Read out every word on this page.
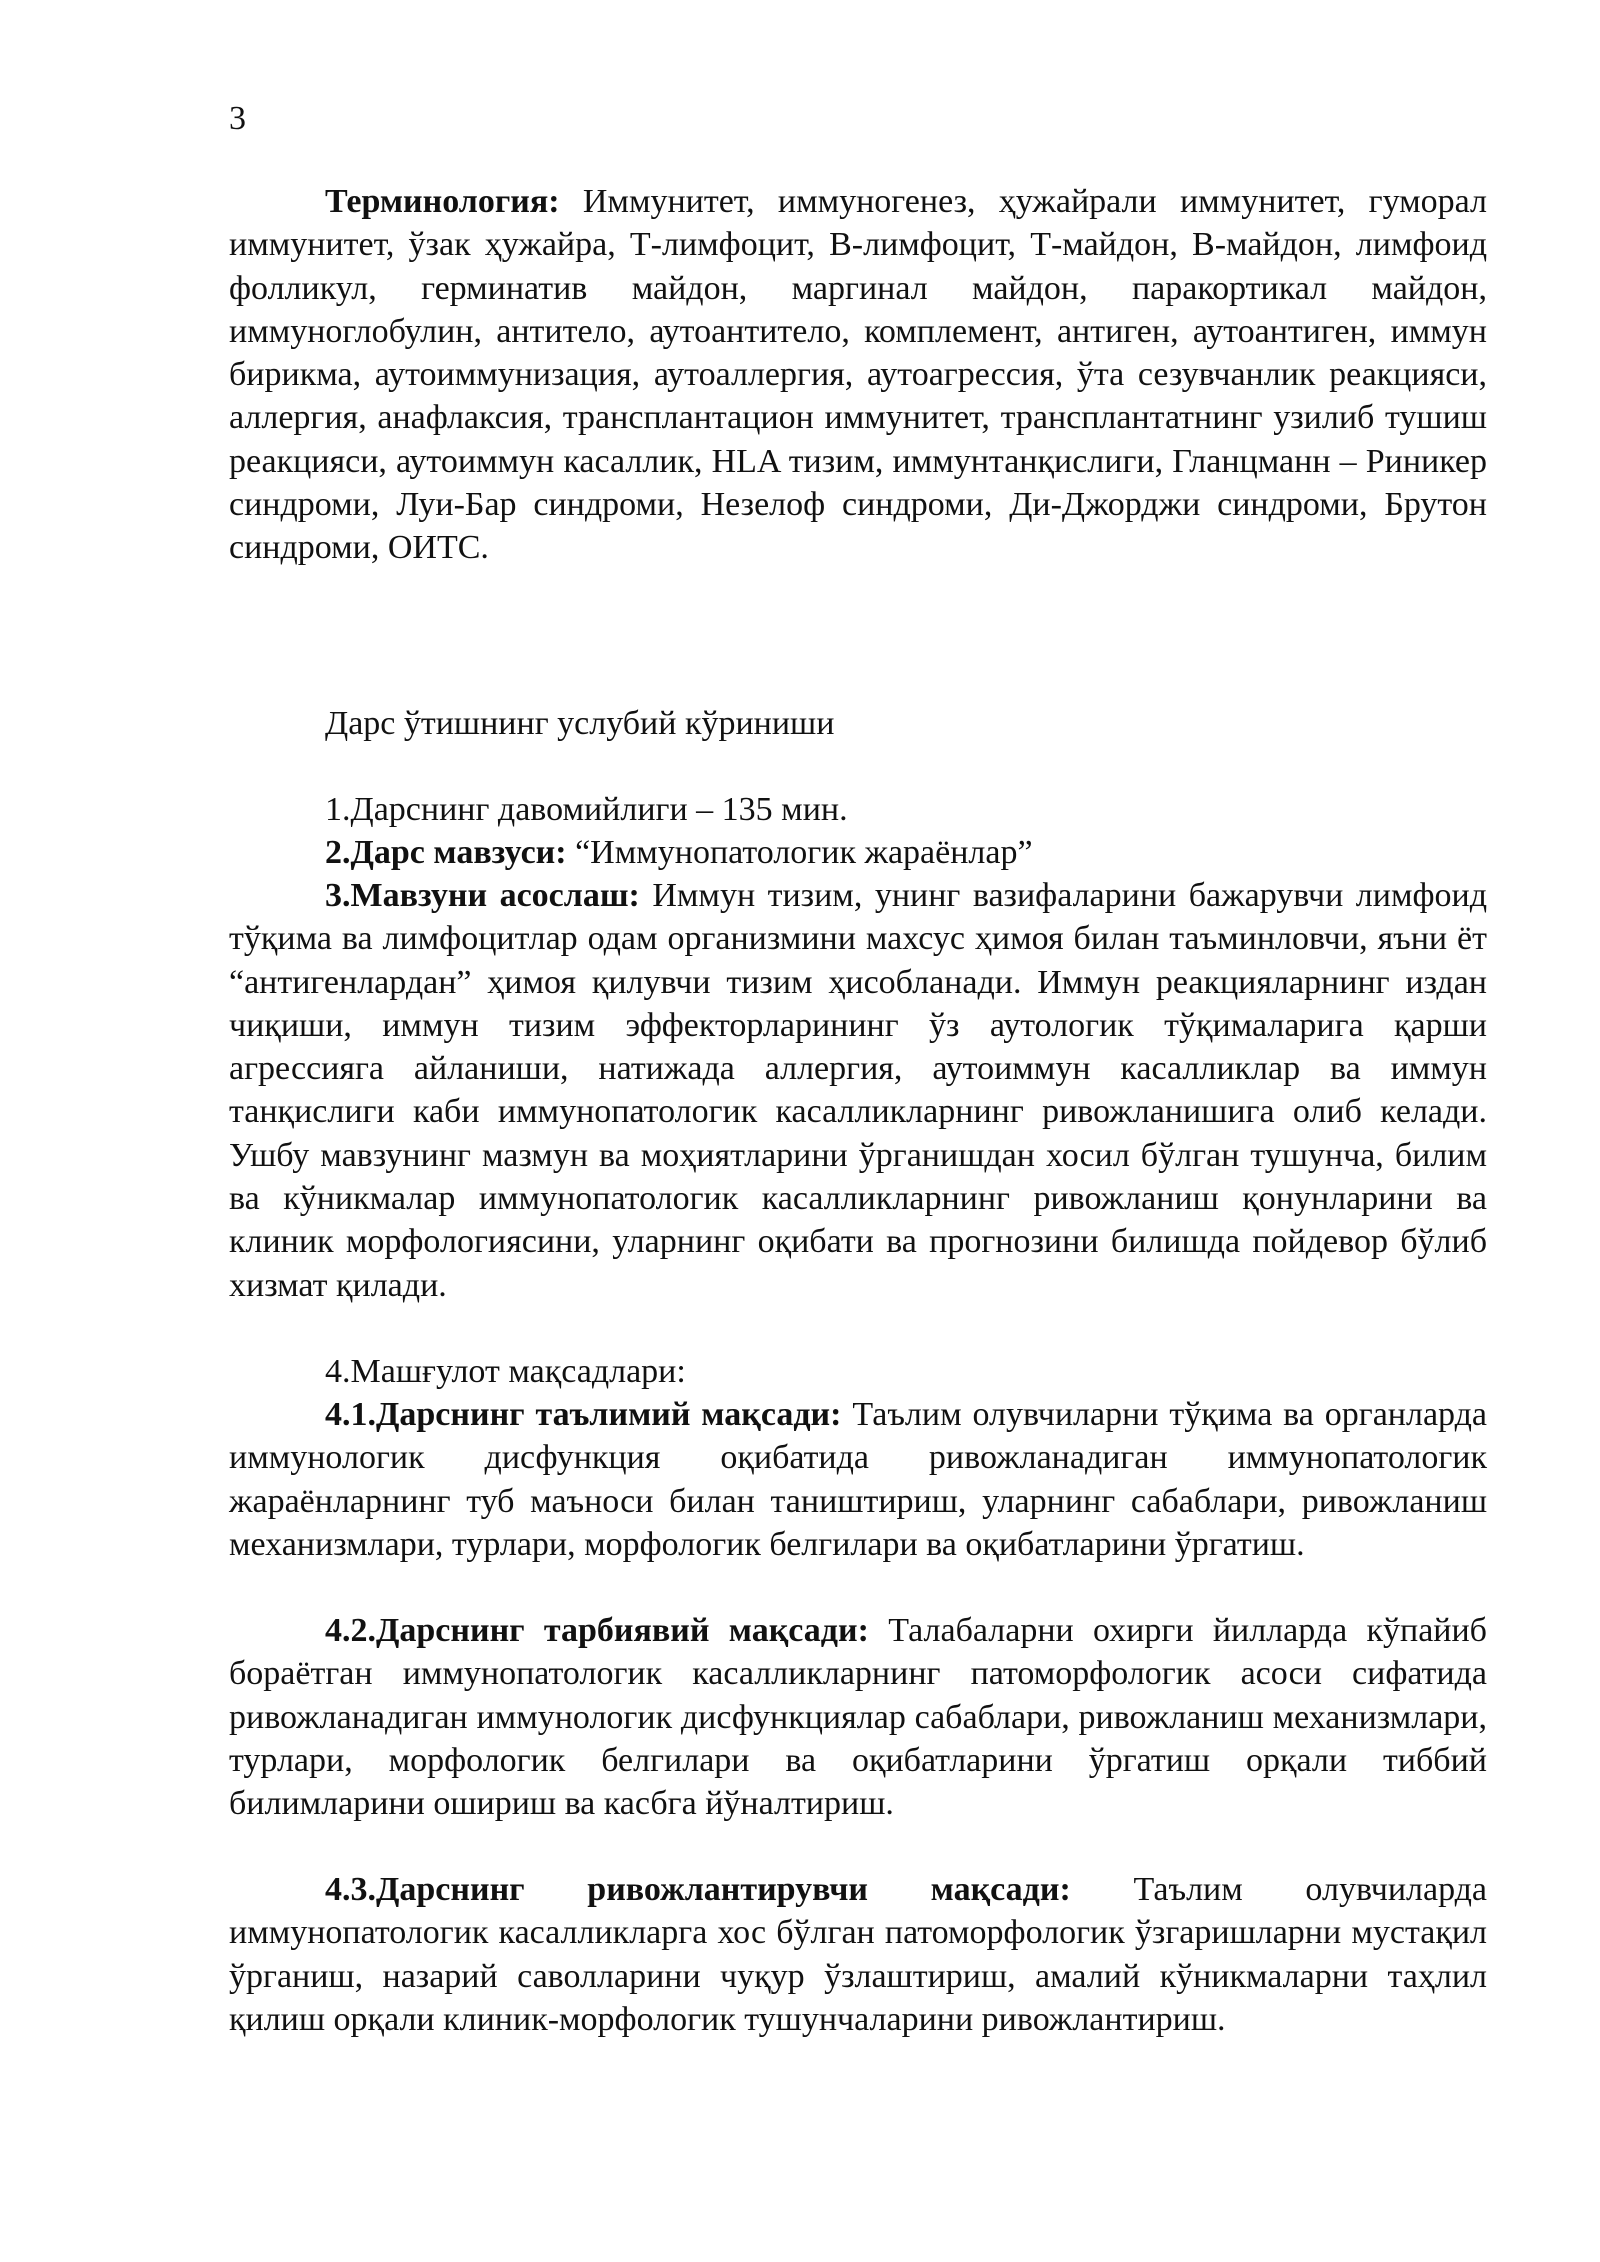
3

Терминология: Иммунитет, иммуногенез, ҳужайрали иммунитет, гуморал иммунитет, ўзак ҳужайра, Т-лимфоцит, В-лимфоцит, Т-майдон, В-майдон, лимфоид фолликул, герминатив майдон, маргинал майдон, паракортикал майдон, иммуноглобулин, антитело, аутоантитело, комплемент, антиген, аутоантиген, иммун бирикма, аутоиммунизация, аутоаллергия, аутоагрессия, ўта сезувчанлик реакцияси, аллергия, анафлаксия, трансплантацион иммунитет, трансплантатнинг узилиб тушиш реакцияси, аутоиммун касаллик, HLA тизим, иммунтанқислиги, Гланцманн – Риникер синдроми, Луи-Бар синдроми, Незелоф синдроми, Ди-Джорджи синдроми, Брутон синдроми, ОИТС.

Дарс ўтишнинг услубий кўриниши

1.Дарснинг давомийлиги – 135 мин.

2.Дарс мавзуси: “Иммунопатологик жараёнлар”

3.Мавзуни асослаш: Иммун тизим, унинг вазифаларини бажарувчи лимфоид тўқима ва лимфоцитлар одам организмини махсус ҳимоя билан таъминловчи, яъни ёт “антигенлардан” ҳимоя қилувчи тизим ҳисобланади. Иммун реакцияларнинг издан чиқиши, иммун тизим эффекторларининг ўз аутологик тўқималарига қарши агрессияга айланиши, натижада аллергия, аутоиммун касалликлар ва иммун танқислиги каби иммунопатологик касалликларнинг ривожланишига олиб келади. Ушбу мавзунинг мазмун ва моҳиятларини ўрганишдан хосил бўлган тушунча, билим ва кўникмалар иммунопатологик касалликларнинг ривожланиш қонунларини ва клиник морфологиясини, уларнинг оқибати ва прогнозини билишда пойдевор бўлиб хизмат қилади.

4.Машғулот мақсадлари:

4.1.Дарснинг таълимий мақсади: Таълим олувчиларни тўқима ва органларда иммунологик дисфункция оқибатида ривожланадиган иммунопатологик жараёнларнинг туб маъноси билан таништириш, уларнинг сабаблари, ривожланиш механизмлари, турлари, морфологик белгилари ва оқибатларини ўргатиш.

4.2.Дарснинг тарбиявий мақсади: Талабаларни охирги йилларда кўпайиб бораётган иммунопатологик касалликларнинг патоморфологик асоси сифатида ривожланадиган иммунологик дисфункциялар сабаблари, ривожланиш механизмлари, турлари, морфологик белгилари ва оқибатларини ўргатиш орқали тиббий билимларини ошириш ва касбга йўналтириш.

4.3.Дарснинг ривожлантирувчи мақсади: Таълим олувчиларда иммунопатологик касалликларга хос бўлган патоморфологик ўзгаришларни мустақил ўрганиш, назарий саволларини чуқур ўзлаштириш, амалий кўникмаларни таҳлил қилиш орқали клиник-морфологик тушунчаларини ривожлантириш.
